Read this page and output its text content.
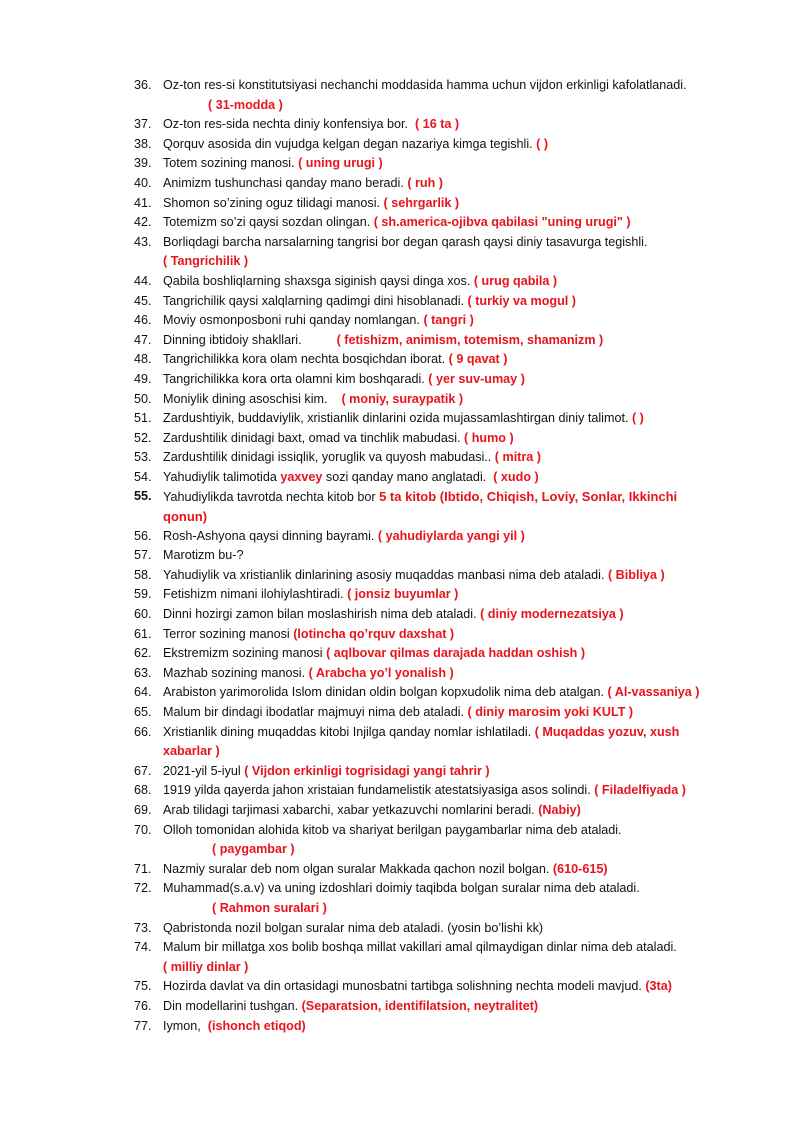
36. Oz-ton res-si konstitutsiyasi nechanchi moddasida hamma uchun vijdon erkinligi kafolatlanadi.
( 31-modda )
37. Oz-ton res-sida nechta diniy konfensiya bor.  ( 16 ta )
38. Qorquv asosida din vujudga kelgan degan nazariya kimga tegishli. ( )
39. Totem sozining manosi. ( uning urugi )
40. Animizm tushunchasi qanday mano beradi. ( ruh )
41. Shomon so’zining oguz tilidagi manosi. ( sehrgarlik )
42. Totemizm so’zi qaysi sozdan olingan. ( sh.america-ojibva qabilasi "uning urugi" )
43. Borliqdagi barcha narsalarning tangrisi bor degan qarash qaysi diniy tasavurga tegishli.
( Tangrichilik )
44. Qabila boshliqlarning shaxsga siginish qaysi dinga xos. ( urug qabila )
45. Tangrichilik qaysi xalqlarning qadimgi dini hisoblanadi. ( turkiy va mogul )
46. Moviy osmonposboni ruhi qanday nomlangan. ( tangri )
47. Dinning ibtidoiy shakllari.          ( fetishizm, animism, totemism, shamanizm )
48. Tangrichilikka kora olam nechta bosqichdan iborat. ( 9 qavat )
49. Tangrichilikka kora orta olamni kim boshqaradi. ( yer suv-umay )
50. Moniylik dining asoschisi kim.    ( moniy, suraypatik )
51. Zardushtiyik, buddaviylik, xristianlik dinlarini ozida mujassamlashtirgan diniy talimot. ( )
52. Zardushtilik dinidagi baxt, omad va tinchlik mabudasi. ( humo )
53. Zardushtilik dinidagi issiqlik, yoruglik va quyosh mabudasi.. ( mitra )
54. Yahudiylik talimotida yaxvey sozi qanday mano anglatadi.  ( xudo )
55. Yahudiylikda tavrotda nechta kitob bor 5 ta kitob (Ibtido, Chiqish, Loviy, Sonlar, Ikkinchi
qonun)
56. Rosh-Ashyona qaysi dinning bayrami. ( yahudiylarda yangi yil )
57. Marotizm bu-?
58. Yahudiylik va xristianlik dinlarining asosiy muqaddas manbasi nima deb ataladi. ( Bibliya )
59. Fetishizm nimani ilohiylashtiradi. ( jonsiz buyumlar )
60. Dinni hozirgi zamon bilan moslashirish nima deb ataladi. ( diniy modernezatsiya )
61. Terror sozining manosi (lotincha qo’rquv daxshat )
62. Ekstremizm sozining manosi ( aqlbovar qilmas darajada haddan oshish )
63. Mazhab sozining manosi. ( Arabcha yo’l yonalish )
64. Arabiston yarimorolida Islom dinidan oldin bolgan kopxudolik nima deb atalgan. ( Al-vassaniya )
65. Malum bir dindagi ibodatlar majmuyi nima deb ataladi. ( diniy marosim yoki KULT )
66. Xristianlik dining muqaddas kitobi Injilga qanday nomlar ishlatiladi. ( Muqaddas yozuv, xush
xabarlar )
67. 2021-yil 5-iyul ( Vijdon erkinligi togrisidagi yangi tahrir )
68. 1919 yilda qayerda jahon xristaian fundamelistik atestatsiyasiga asos solindi. ( Filadelfiyada )
69. Arab tilidagi tarjimasi xabarchi, xabar yetkazuvchi nomlarini beradi. (Nabiy)
70. Olloh tomonidan alohida kitob va shariyat berilgan paygambarlar nima deb ataladi.
( paygambar )
71. Nazmiy suralar deb nom olgan suralar Makkada qachon nozil bolgan. (610-615)
72. Muhammad(s.a.v) va uning izdoshlari doimiy taqibda bolgan suralar nima deb ataladi.
( Rahmon suralari )
73. Qabristonda nozil bolgan suralar nima deb ataladi. (yosin bo’lishi kk)
74. Malum bir millatga xos bolib boshqa millat vakillari amal qilmaydigan dinlar nima deb ataladi.
( milliy dinlar )
75. Hozirda davlat va din ortasidagi munosbatni tartibga solishning nechta modeli mavjud. (3ta)
76. Din modellarini tushgan. (Separatsion, identifilatsion, neytralitet)
77. Iymon,  (ishonch etiqod)
